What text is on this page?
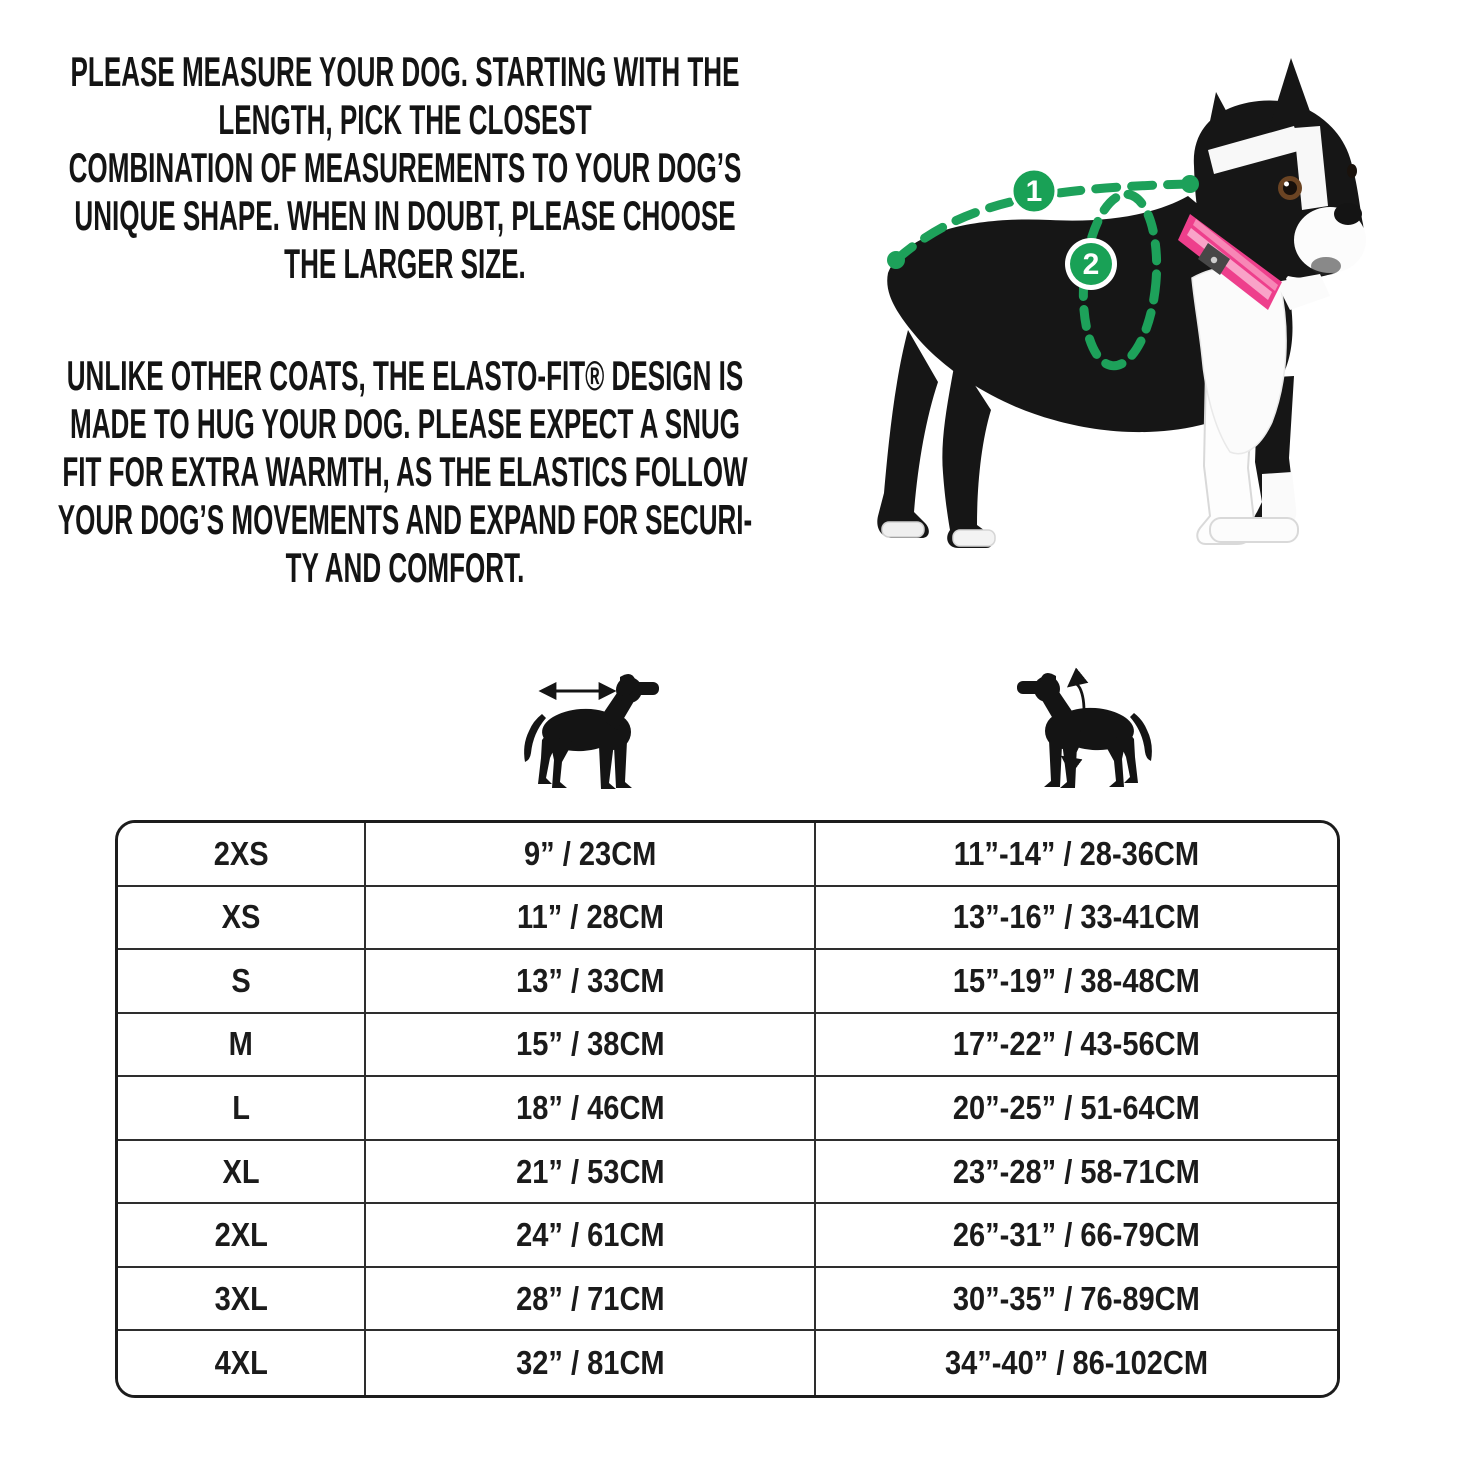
PLEASE MEASURE YOUR DOG. STARTING WITH THE
LENGTH, PICK THE CLOSEST
COMBINATION OF MEASUREMENTS TO YOUR DOG’S
UNIQUE SHAPE. WHEN IN DOUBT, PLEASE CHOOSE
THE LARGER SIZE.
UNLIKE OTHER COATS, THE ELASTO-FIT® DESIGN IS
MADE TO HUG YOUR DOG. PLEASE EXPECT A SNUG
FIT FOR EXTRA WARMTH, AS THE ELASTICS FOLLOW
YOUR DOG’S MOVEMENTS AND EXPAND FOR SECURI-
TY AND COMFORT.
1
2
2XS	9” / 23CM	11”-14” / 28-36CM
XS	11” / 28CM	13”-16” / 33-41CM
S	13” / 33CM	15”-19” / 38-48CM
M	15” / 38CM	17”-22” / 43-56CM
L	18” / 46CM	20”-25” / 51-64CM
XL	21” / 53CM	23”-28” / 58-71CM
2XL	24” / 61CM	26”-31” / 66-79CM
3XL	28” / 71CM	30”-35” / 76-89CM
4XL	32” / 81CM	34”-40” / 86-102CM
